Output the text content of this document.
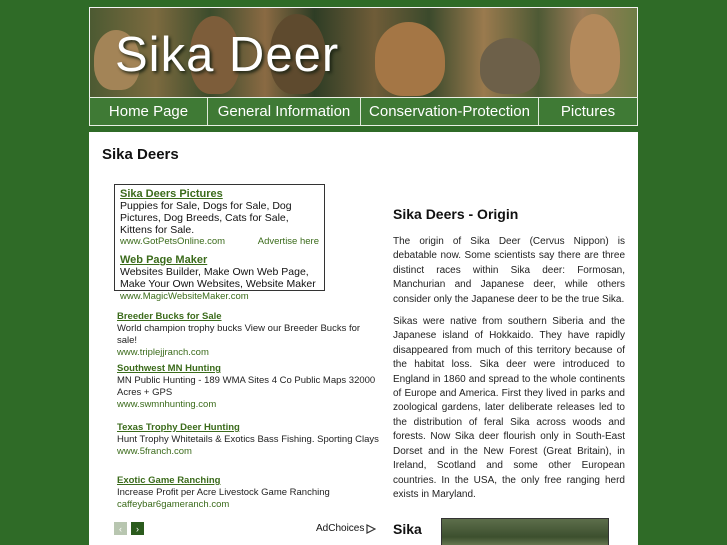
Sika Deer
Home Page	General Information	Conservation-Protection	Pictures
Sika Deers
Sika Deers Pictures
Puppies for Sale, Dogs for Sale, Dog Pictures, Dog Breeds, Cats for Sale, Kittens for Sale.
www.GotPetsOnline.com	Advertise here
Web Page Maker
Websites Builder, Make Own Web Page, Make Your Own Websites, Website Maker
www.MagicWebsiteMaker.com
Breeder Bucks for Sale
World champion trophy bucks View our Breeder Bucks for sale!
www.triplejjranch.com
Southwest MN Hunting
MN Public Hunting - 189 WMA Sites 4 Co Public Maps 32000 Acres + GPS
www.swmnhunting.com
Texas Trophy Deer Hunting
Hunt Trophy Whitetails & Exotics Bass Fishing. Sporting Clays
www.5franch.com
Exotic Game Ranching
Increase Profit per Acre Livestock Game Ranching
caffeybar6gameranch.com
‹	›	AdChoices
Sika Deers - Origin

The origin of Sika Deer (Cervus Nippon) is debatable now. Some scientists say there are three distinct races within Sika deer: Formosan, Manchurian and Japanese deer, while others consider only the Japanese deer to be the true Sika.

Sikas were native from southern Siberia and the Japanese island of Hokkaido. They have rapidly disappeared from much of this territory because of the habitat loss. Sika deer were introduced to England in 1860 and spread to the whole continents of Europe and America. First they lived in parks and zoological gardens, later deliberate releases led to the distribution of feral Sika across woods and forests. Now Sika deer flourish only in South-East Dorset and in the New Forest (Great Britain), in Ireland, Scotland and some other European countries. In the USA, the only free ranging herd exists in Maryland.

Sika
